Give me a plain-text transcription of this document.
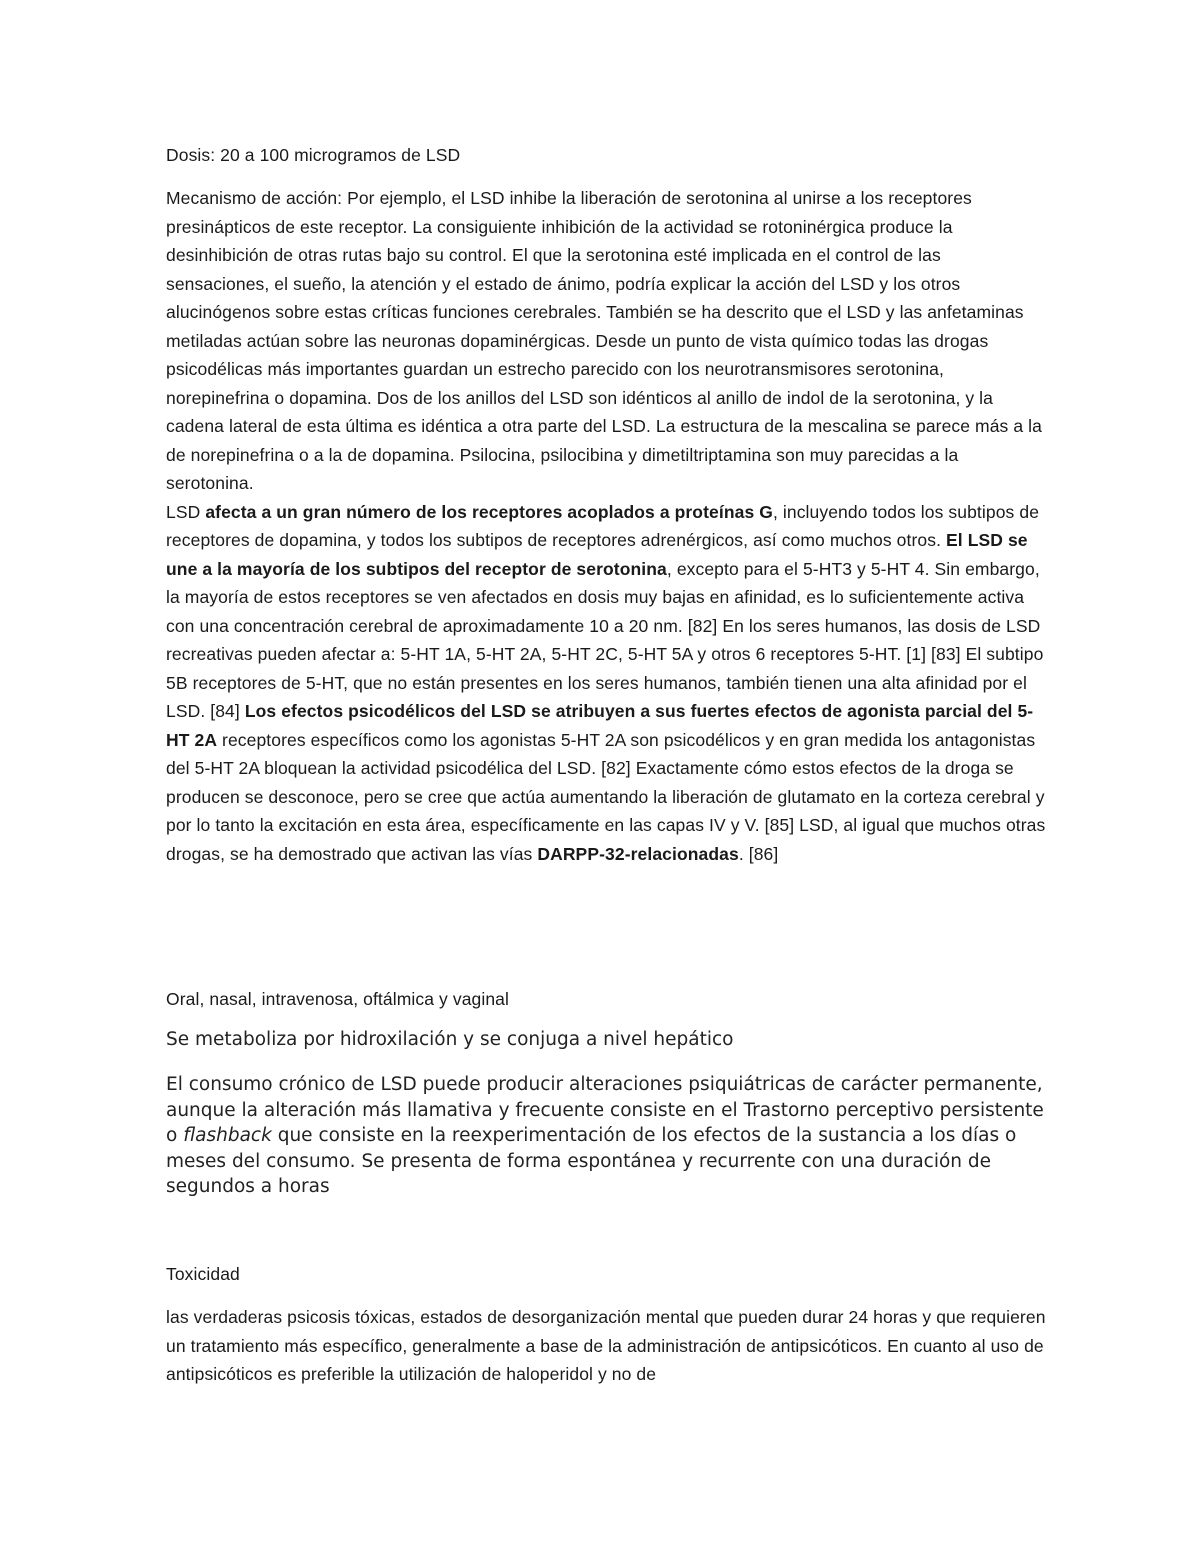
Dosis: 20 a 100 microgramos de LSD
Mecanismo de acción: Por ejemplo, el LSD inhibe la liberación de serotonina al unirse a los receptores presinápticos de este receptor. La consiguiente inhibición de la actividad se rotoninérgica produce la desinhibición de otras rutas bajo su control. El que la serotonina esté implicada en el control de las sensaciones, el sueño, la atención y el estado de ánimo, podría explicar la acción del LSD y los otros alucinógenos sobre estas críticas funciones cerebrales. También se ha descrito que el LSD y las anfetaminas metiladas actúan sobre las neuronas dopaminérgicas. Desde un punto de vista químico todas las drogas psicodélicas más importantes guardan un estrecho parecido con los neurotransmisores serotonina, norepinefrina o dopamina. Dos de los anillos del LSD son idénticos al anillo de indol de la serotonina, y la cadena lateral de esta última es idéntica a otra parte del LSD. La estructura de la mescalina se parece más a la de norepinefrina o a la de dopamina. Psilocina, psilocibina y dimetiltriptamina son muy parecidas a la serotonina.
LSD afecta a un gran número de los receptores acoplados a proteínas G, incluyendo todos los subtipos de receptores de dopamina, y todos los subtipos de receptores adrenérgicos, así como muchos otros. El LSD se une a la mayoría de los subtipos del receptor de serotonina, excepto para el 5-HT3 y 5-HT 4. Sin embargo, la mayoría de estos receptores se ven afectados en dosis muy bajas en afinidad, es lo suficientemente activa con una concentración cerebral de aproximadamente 10 a 20 nm. [82] En los seres humanos, las dosis de LSD recreativas pueden afectar a: 5-HT 1A, 5-HT 2A, 5-HT 2C, 5-HT 5A y otros 6 receptores 5-HT. [1] [83] El subtipo 5B receptores de 5-HT, que no están presentes en los seres humanos, también tienen una alta afinidad por el LSD. [84] Los efectos psicodélicos del LSD se atribuyen a sus fuertes efectos de agonista parcial del 5-HT 2A receptores específicos como los agonistas 5-HT 2A son psicodélicos y en gran medida los antagonistas del 5-HT 2A bloquean la actividad psicodélica del LSD. [82] Exactamente cómo estos efectos de la droga se producen se desconoce, pero se cree que actúa aumentando la liberación de glutamato en la corteza cerebral y por lo tanto la excitación en esta área, específicamente en las capas IV y V. [85] LSD, al igual que muchos otras drogas, se ha demostrado que activan las vías DARPP-32-relacionadas. [86]
Oral, nasal, intravenosa, oftálmica y vaginal
Se metaboliza por hidroxilación y se conjuga a nivel hepático
El consumo crónico de LSD puede producir alteraciones psiquiátricas de carácter permanente, aunque la alteración más llamativa y frecuente consiste en el Trastorno perceptivo persistente o flashback que consiste en la reexperimentación de los efectos de la sustancia a los días o meses del consumo. Se presenta de forma espontánea y recurrente con una duración de segundos a horas
Toxicidad
las verdaderas psicosis tóxicas, estados de desorganización mental que pueden durar 24 horas y que requieren un tratamiento más específico, generalmente a base de la administración de antipsicóticos. En cuanto al uso de antipsicóticos es preferible la utilización de haloperidol y no de
